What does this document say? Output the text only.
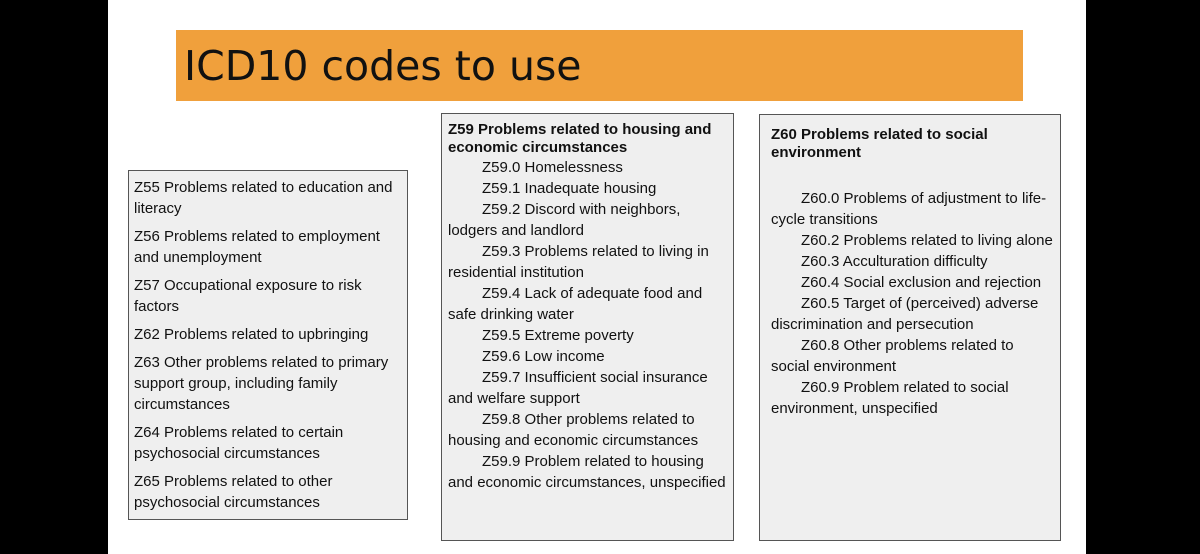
ICD10 codes to use
Z55 Problems related to education and literacy
Z56 Problems related to employment and unemployment
Z57 Occupational exposure to risk factors
Z62 Problems related to upbringing
Z63 Other problems related to primary support group, including family circumstances
Z64 Problems related to certain psychosocial circumstances
Z65 Problems related to other psychosocial circumstances
Z59 Problems related to housing and economic circumstances
Z59.0 Homelessness
Z59.1 Inadequate housing
Z59.2 Discord with neighbors, lodgers and landlord
Z59.3 Problems related to living in residential institution
Z59.4 Lack of adequate food and safe drinking water
Z59.5 Extreme poverty
Z59.6 Low income
Z59.7 Insufficient social insurance and welfare support
Z59.8 Other problems related to housing and economic circumstances
Z59.9 Problem related to housing and economic circumstances, unspecified
Z60 Problems related to social environment
Z60.0 Problems of adjustment to life-cycle transitions
Z60.2 Problems related to living alone
Z60.3 Acculturation difficulty
Z60.4 Social exclusion and rejection
Z60.5 Target of (perceived) adverse discrimination and persecution
Z60.8 Other problems related to social environment
Z60.9 Problem related to social environment, unspecified
